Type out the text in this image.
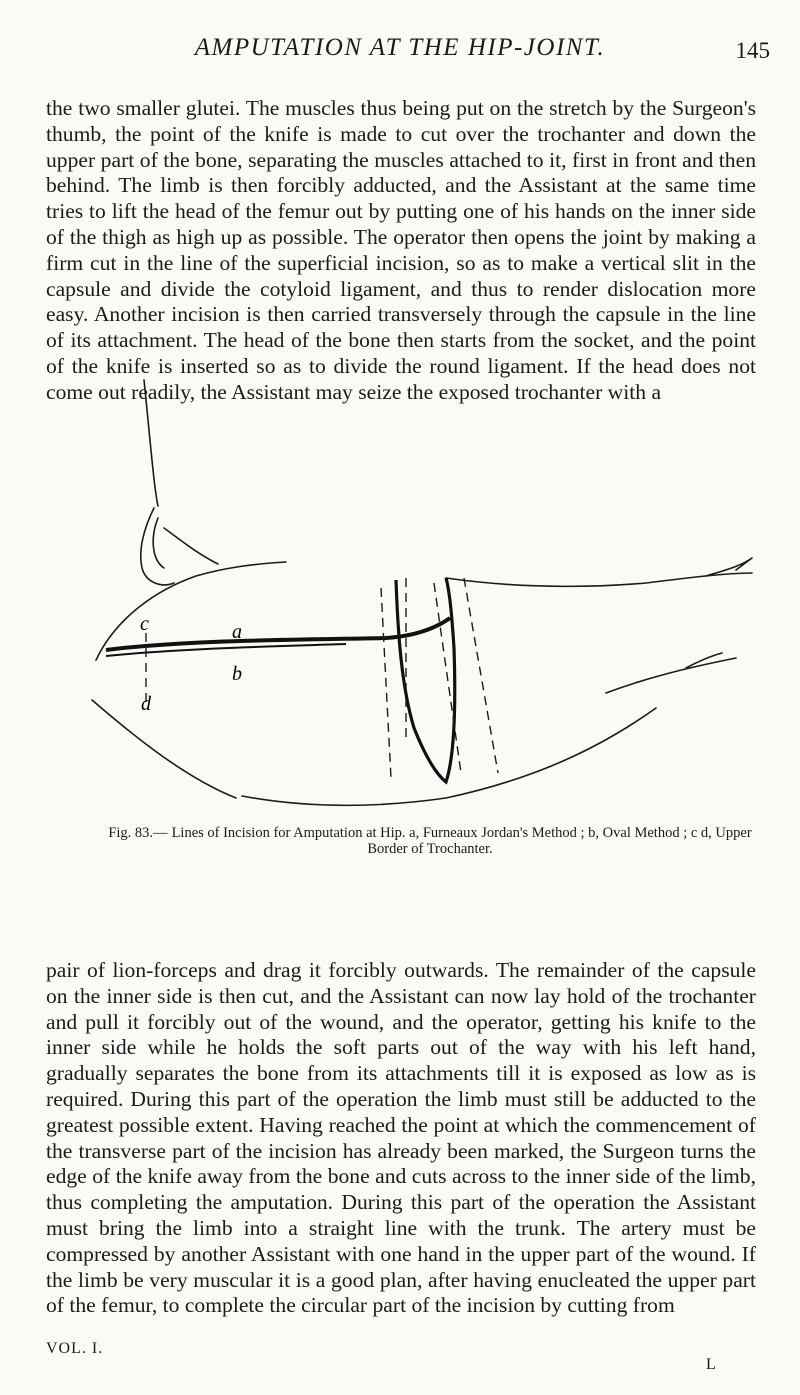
AMPUTATION AT THE HIP-JOINT.	145

the two smaller glutei. The muscles thus being put on the stretch by the Surgeon's thumb, the point of the knife is made to cut over the trochanter and down the upper part of the bone, separating the muscles attached to it, first in front and then behind. The limb is then forcibly adducted, and the Assistant at the same time tries to lift the head of the femur out by putting one of his hands on the inner side of the thigh as high up as possible. The operator then opens the joint by making a firm cut in the line of the superficial incision, so as to make a vertical slit in the capsule and divide the cotyloid ligament, and thus to render dislocation more easy. Another incision is then carried transversely through the capsule in the line of its attachment. The head of the bone then starts from the socket, and the point of the knife is inserted so as to divide the round ligament. If the head does not come out readily, the Assistant may seize the exposed trochanter with a

c	a
b
d
Fig. 83.— Lines of Incision for Amputation at Hip. a, Furneaux Jordan's Method ; b, Oval Method ; c d, Upper Border of Trochanter.

pair of lion-forceps and drag it forcibly outwards. The remainder of the capsule on the inner side is then cut, and the Assistant can now lay hold of the trochanter and pull it forcibly out of the wound, and the operator, getting his knife to the inner side while he holds the soft parts out of the way with his left hand, gradually separates the bone from its attachments till it is exposed as low as is required. During this part of the operation the limb must still be adducted to the greatest possible extent. Having reached the point at which the commencement of the transverse part of the incision has already been marked, the Surgeon turns the edge of the knife away from the bone and cuts across to the inner side of the limb, thus completing the amputation. During this part of the operation the Assistant must bring the limb into a straight line with the trunk. The artery must be compressed by another Assistant with one hand in the upper part of the wound. If the limb be very muscular it is a good plan, after having enucleated the upper part of the femur, to complete the circular part of the incision by cutting from

VOL. I.
L
